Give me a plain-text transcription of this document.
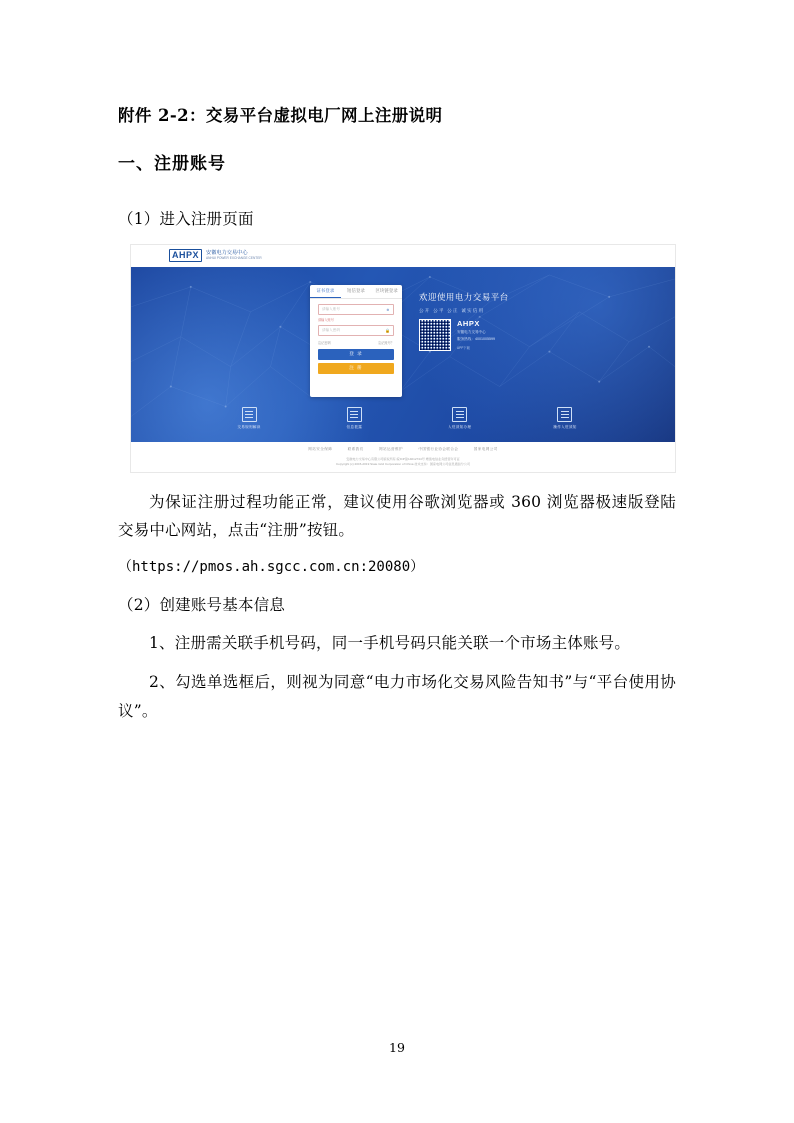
附件 2-2：交易平台虚拟电厂网上注册说明
一、注册账号

（1）进入注册页面

AHPX	安徽电力交易中心
ANHUI POWER EXCHANGE CENTER
证书登录	短信登录	区块链登录
请输入账号	☻
请输入账号
请输入密码	🔒
忘记密码	忘记账号？
登 录
注 册
欢迎使用电力交易平台
公开 公平 公正 诚实信用
AHPX
安徽电力交易中心
服务热线：4001005599
APP下载
交易规则解读	信息披露	入驻须知办理	操作入驻须知
网站安全保障	联系我们	网站运营维护	中国银行业协会联合会	国家电网公司
安徽电力交易中心有限公司版权所有 皖ICP备14012744号 增值电信业务经营许可证
Copyright (c) 2015-2019 State Grid Corporation of China 技术支持：国家电网公司信息通信分公司

为保证注册过程功能正常，建议使用谷歌浏览器或 360 浏览器极速版登陆交易中心网站，点击“注册”按钮。

（https://pmos.ah.sgcc.com.cn:20080）

（2）创建账号基本信息

1、注册需关联手机号码，同一手机号码只能关联一个市场主体账号。

2、勾选单选框后，则视为同意“电力市场化交易风险告知书”与“平台使用协议”。

19
